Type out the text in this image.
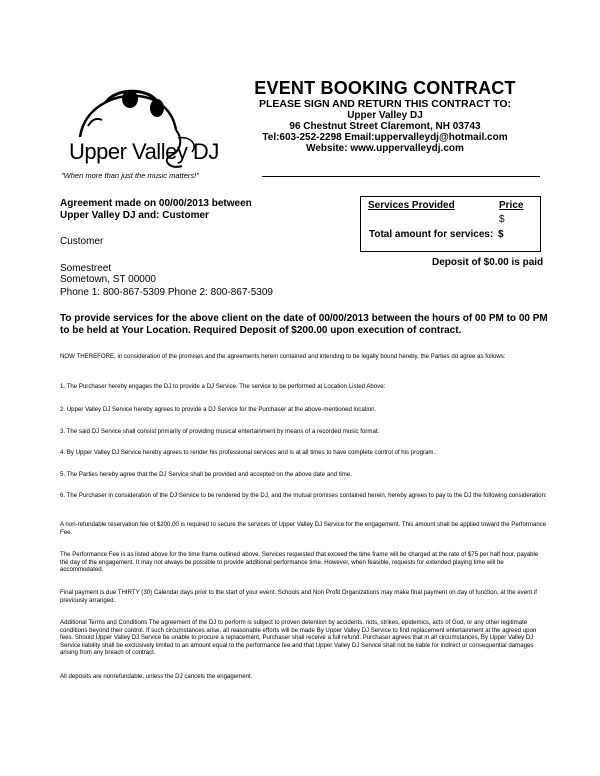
Upper Valley DJ
"When more than just the music matters!"
EVENT BOOKING CONTRACT
PLEASE SIGN AND RETURN THIS CONTRACT TO:
Upper Valley DJ
96 Chestnut Street Claremont, NH 03743
Tel:603-252-2298 Email:uppervalleydj@hotmail.com
Website: www.uppervalleydj.com
Agreement made on 00/00/2013 between
Upper Valley DJ and: Customer
Customer
Somestreet
Sometown, ST 00000
Phone 1: 800-867-5309 Phone 2: 800-867-5309
Services Provided	Price
$
Total amount for services: $
Deposit of $0.00 is paid
To provide services for the above client on the date of 00/00/2013 between the hours of 00 PM to 00 PM to be held at Your Location. Required Deposit of $200.00 upon execution of contract.
NOW THEREFORE, in consideration of the promises and the agreements herein contained and intending to be legally bound hereby, the Parties do agree as follows:
1. The Purchaser hereby engages the DJ to provide a DJ Service. The service to be performed at Location Listed Above:
2. Upper Valley DJ Service hereby agrees to provide a DJ Service for the Purchaser at the above-mentioned location.
3. The said DJ Service shall consist primarily of providing musical entertainment by means of a recorded music format.
4. By Upper Valley DJ Service hereby agrees to render his professional services and is at all times to have complete control of his program.
5. The Parties hereby agree that the DJ Service shall be provided and accepted on the above date and time.
6. The Purchaser in consideration of the DJ Service to be rendered by the DJ, and the mutual promises contained herein, hereby agrees to pay to the DJ the following consideration:
A non-refundable reservation fee of $200.00 is required to secure the services of Upper Valley DJ Service for the engagement. This amount shall be applied toward the Performance Fee.
The Performance Fee is as listed above for the time frame outlined above. Services requested that exceed the time frame will be charged at the rate of $75 per half hour, payable the day of the engagement. It may not always be possible to provide additional performance time. However, when feasible, requests for extended playing time will be accommodated.
Final payment is due THIRTY (30) Calendar days prior to the start of your event. Schools and Non Profit Organizations may make final payment on day of function, at the event if previously arranged.
Additional Terms and Conditions The agreement of the DJ to perform is subject to proven detention by accidents, riots, strikes, epidemics, acts of God, or any other legitimate conditions beyond their control. If such circumstances arise, all reasonable efforts will be made By Upper Valley DJ Service to find replacement entertainment at the agreed upon fees. Should Upper Valley DJ Service be unable to procure a replacement, Purchaser shall receive a full refund. Purchaser agrees that in all circumstances, By Upper Valley DJ Service liability shall be exclusively limited to an amount equal to the performance fee and that Upper Valley DJ Service shall not be liable for indirect or consequential damages arising from any breach of contract.
All deposits are nonrefundable, unless the DJ cancels the engagement.
